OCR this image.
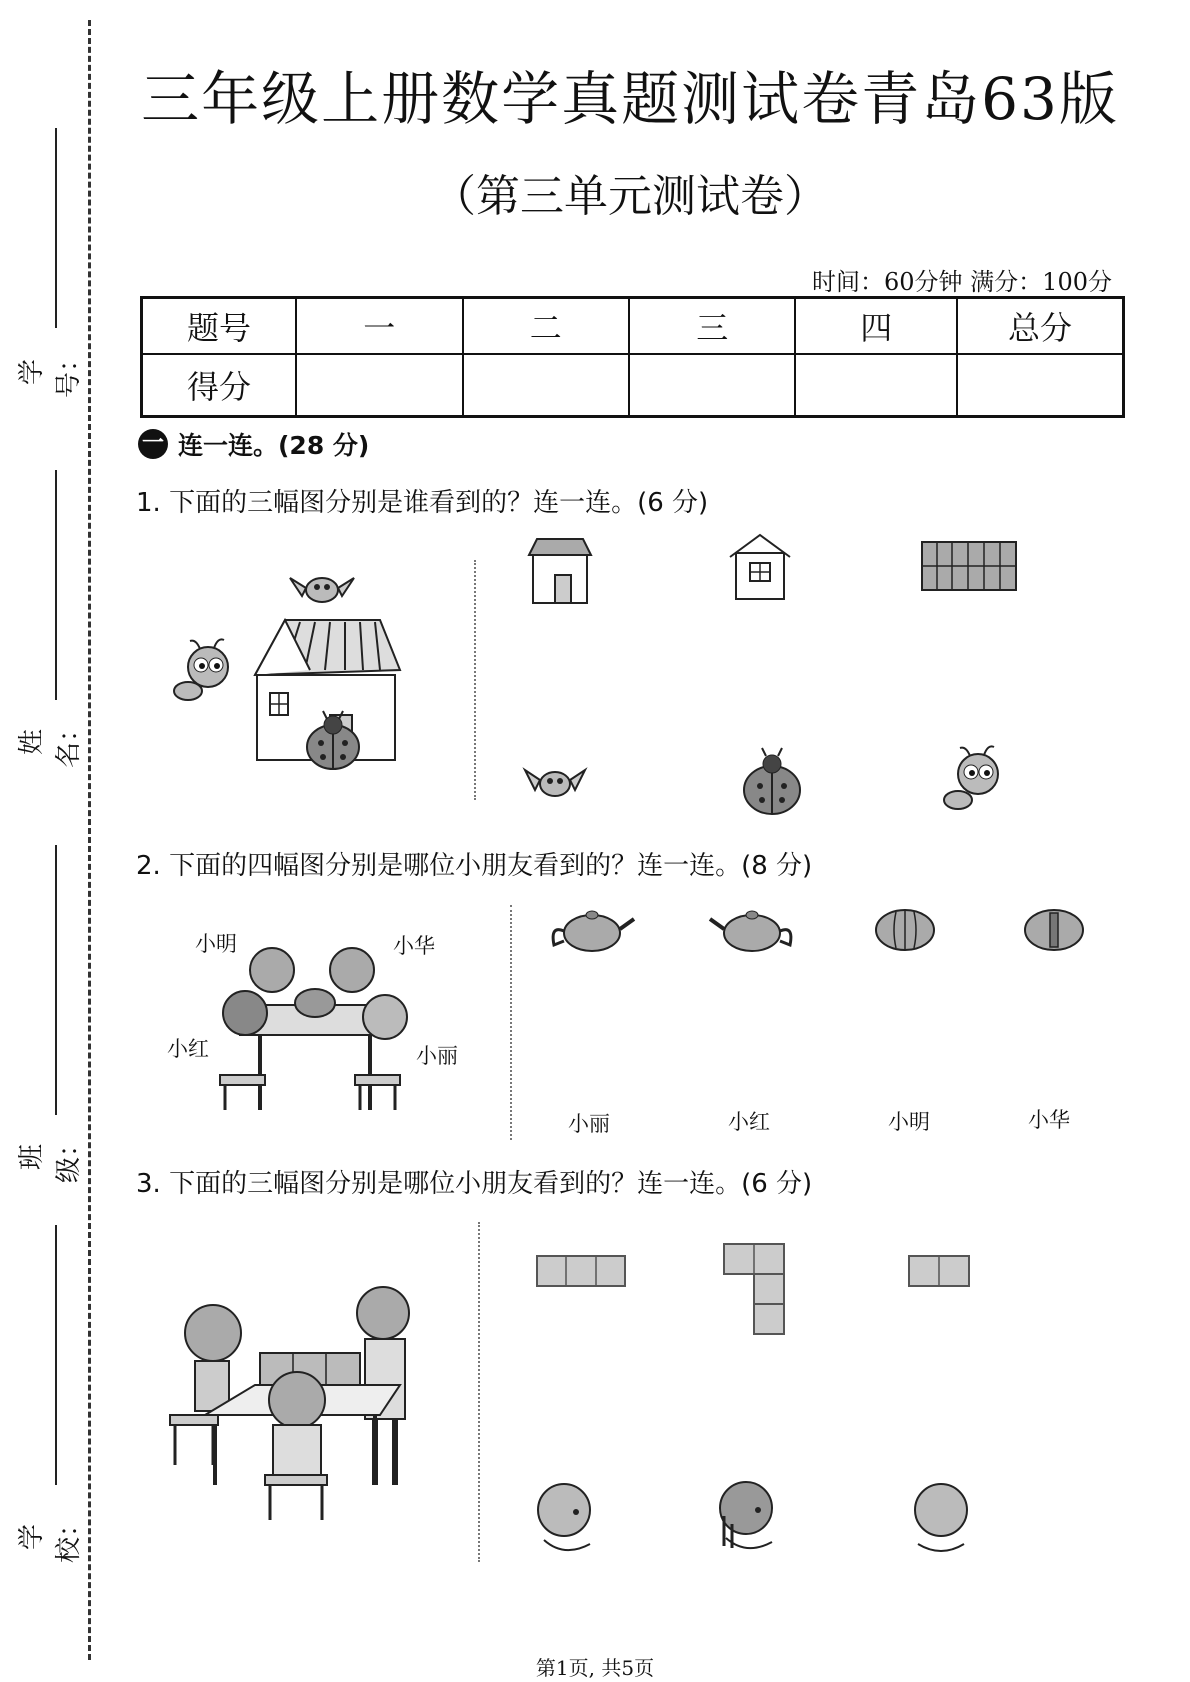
学号：
姓名：
班级：
学校：
三年级上册数学真题测试卷青岛63版
（第三单元测试卷）
时间：60分钟 满分：100分
题号	一	二	三	四	总分
得分					
一 连一连。(28 分)
1. 下面的三幅图分别是谁看到的？连一连。(6 分)
2. 下面的四幅图分别是哪位小朋友看到的？连一连。(8 分)
小明	小华
小红	小丽
小丽	小红	小明	小华
3. 下面的三幅图分别是哪位小朋友看到的？连一连。(6 分)
第1页, 共5页
